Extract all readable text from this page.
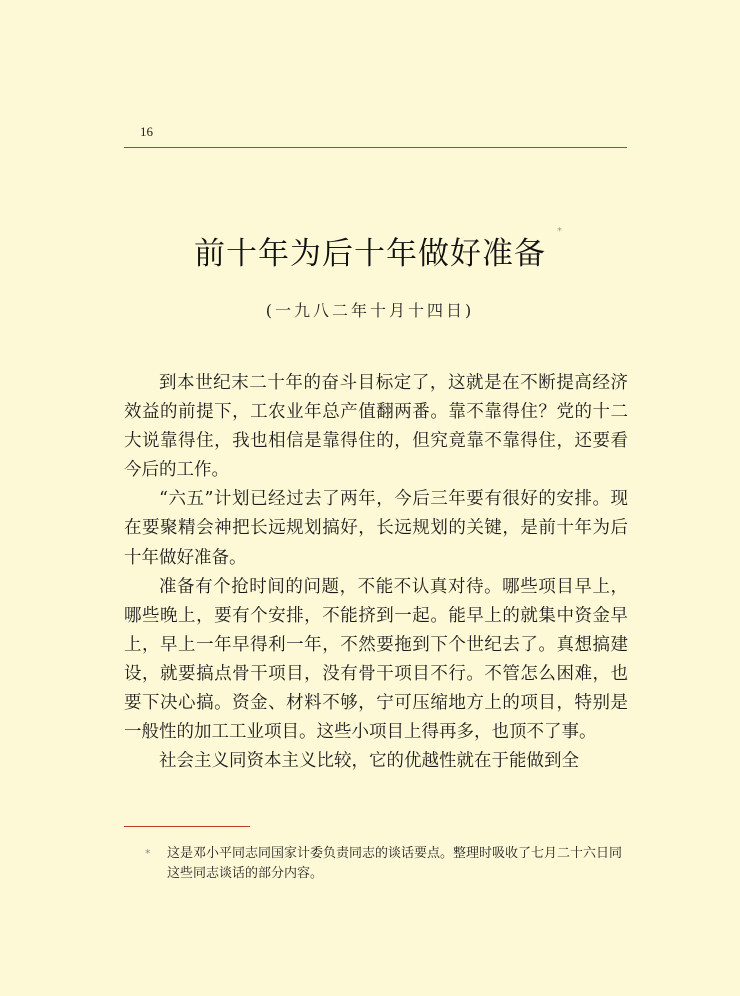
16
前十年为后十年做好准备
*
(一九八二年十月十四日)

到本世纪末二十年的奋斗目标定了，这就是在不断提高经济效益的前提下，工农业年总产值翻两番。靠不靠得住？党的十二大说靠得住，我也相信是靠得住的，但究竟靠不靠得住，还要看今后的工作。

“六五”计划已经过去了两年，今后三年要有很好的安排。现在要聚精会神把长远规划搞好，长远规划的关键，是前十年为后十年做好准备。

准备有个抢时间的问题，不能不认真对待。哪些项目早上，哪些晚上，要有个安排，不能挤到一起。能早上的就集中资金早上，早上一年早得利一年，不然要拖到下个世纪去了。真想搞建设，就要搞点骨干项目，没有骨干项目不行。不管怎么困难，也要下决心搞。资金、材料不够，宁可压缩地方上的项目，特别是一般性的加工工业项目。这些小项目上得再多，也顶不了事。

社会主义同资本主义比较，它的优越性就在于能做到全

*	这是邓小平同志同国家计委负责同志的谈话要点。整理时吸收了七月二十六日同这些同志谈话的部分内容。
